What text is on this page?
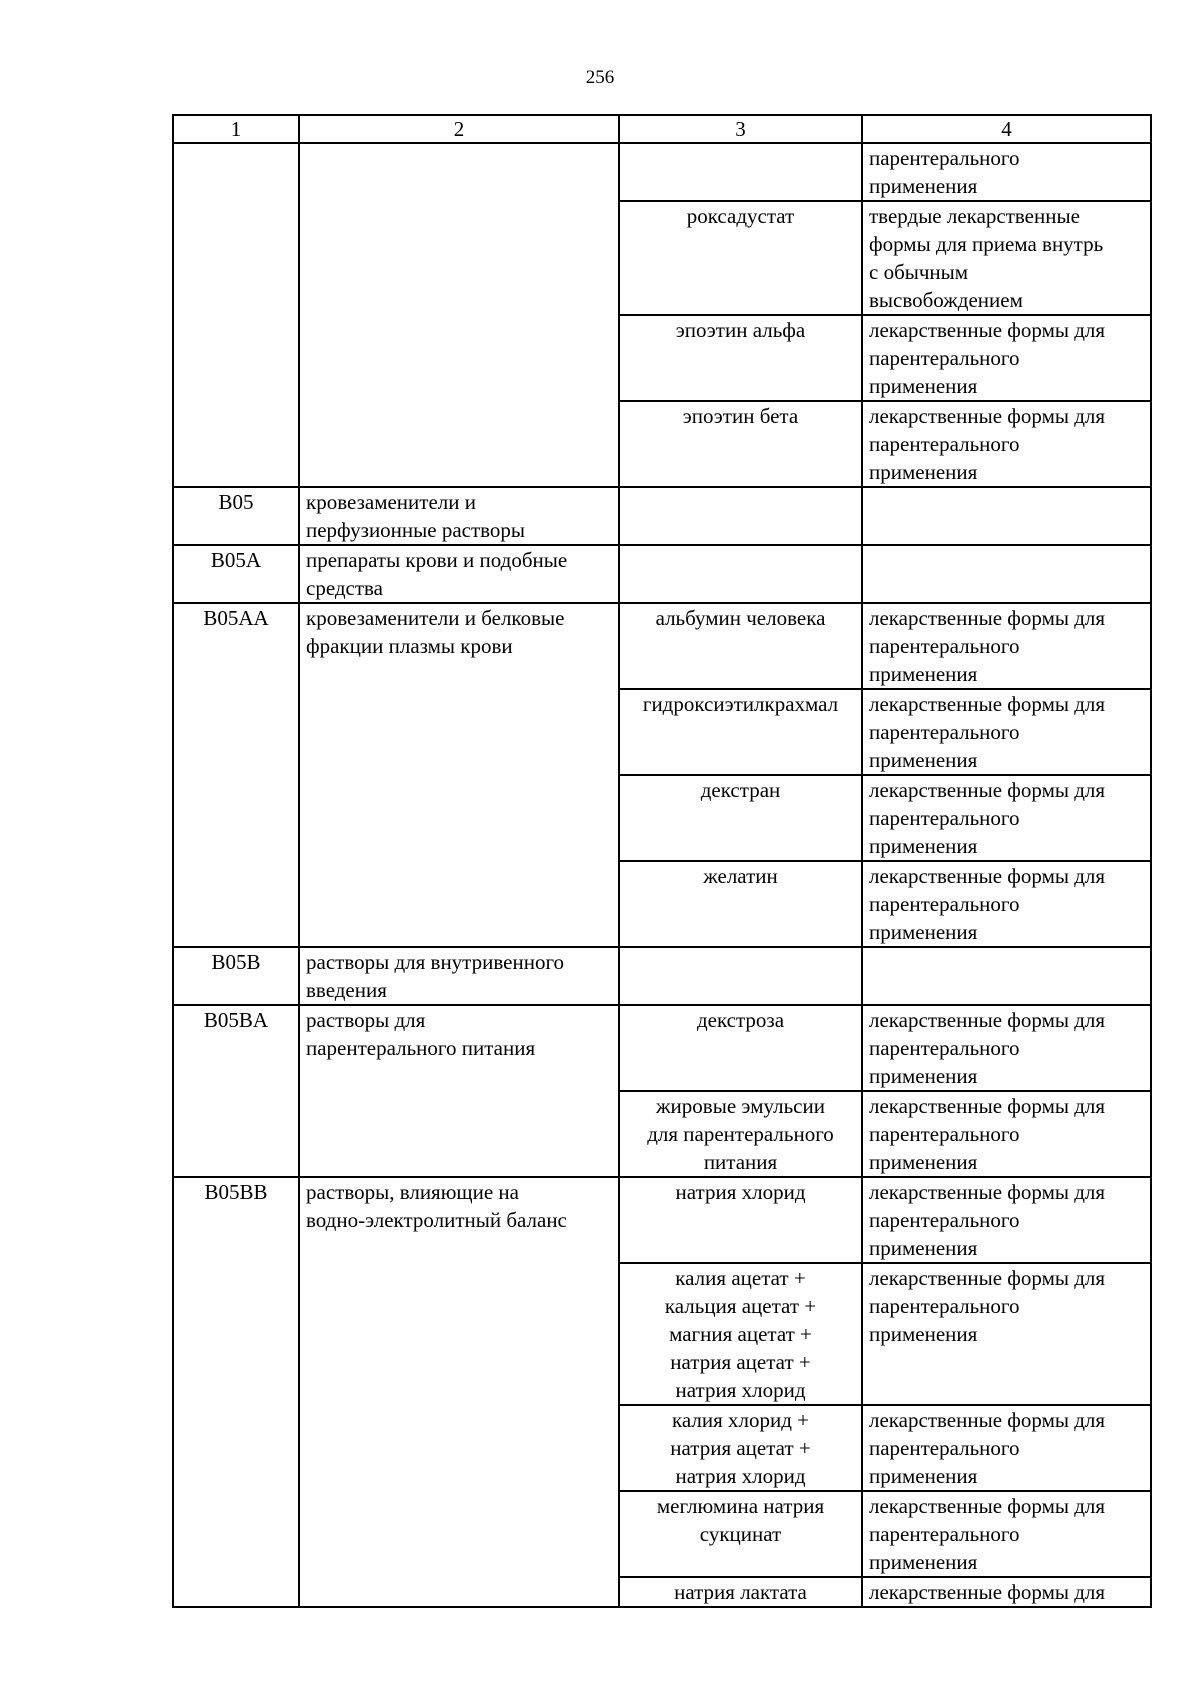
256
1	2	3	4

			парентерального
применения

		роксадустат	твердые лекарственные
формы для приема внутрь
с обычным
высвобождением

		эпоэтин альфа	лекарственные формы для
парентерального
применения

		эпоэтин бета	лекарственные формы для
парентерального
применения

B05	кровезаменители и
перфузионные растворы		

B05A	препараты крови и подобные
средства		

B05AA	кровезаменители и белковые
фракции плазмы крови	альбумин человека	лекарственные формы для
парентерального
применения

		гидроксиэтилкрахмал	лекарственные формы для
парентерального
применения

		декстран	лекарственные формы для
парентерального
применения

		желатин	лекарственные формы для
парентерального
применения

B05B	растворы для внутривенного
введения		

B05BA	растворы для
парентерального питания	декстроза	лекарственные формы для
парентерального
применения

		жировые эмульсии
для парентерального
питания	лекарственные формы для
парентерального
применения

B05BB	растворы, влияющие на
водно-электролитный баланс	натрия хлорид	лекарственные формы для
парентерального
применения

		калия ацетат +
кальция ацетат +
магния ацетат +
натрия ацетат +
натрия хлорид	лекарственные формы для
парентерального
применения

		калия хлорид +
натрия ацетат +
натрия хлорид	лекарственные формы для
парентерального
применения

		меглюмина натрия
сукцинат	лекарственные формы для
парентерального
применения

		натрия лактата	лекарственные формы для
